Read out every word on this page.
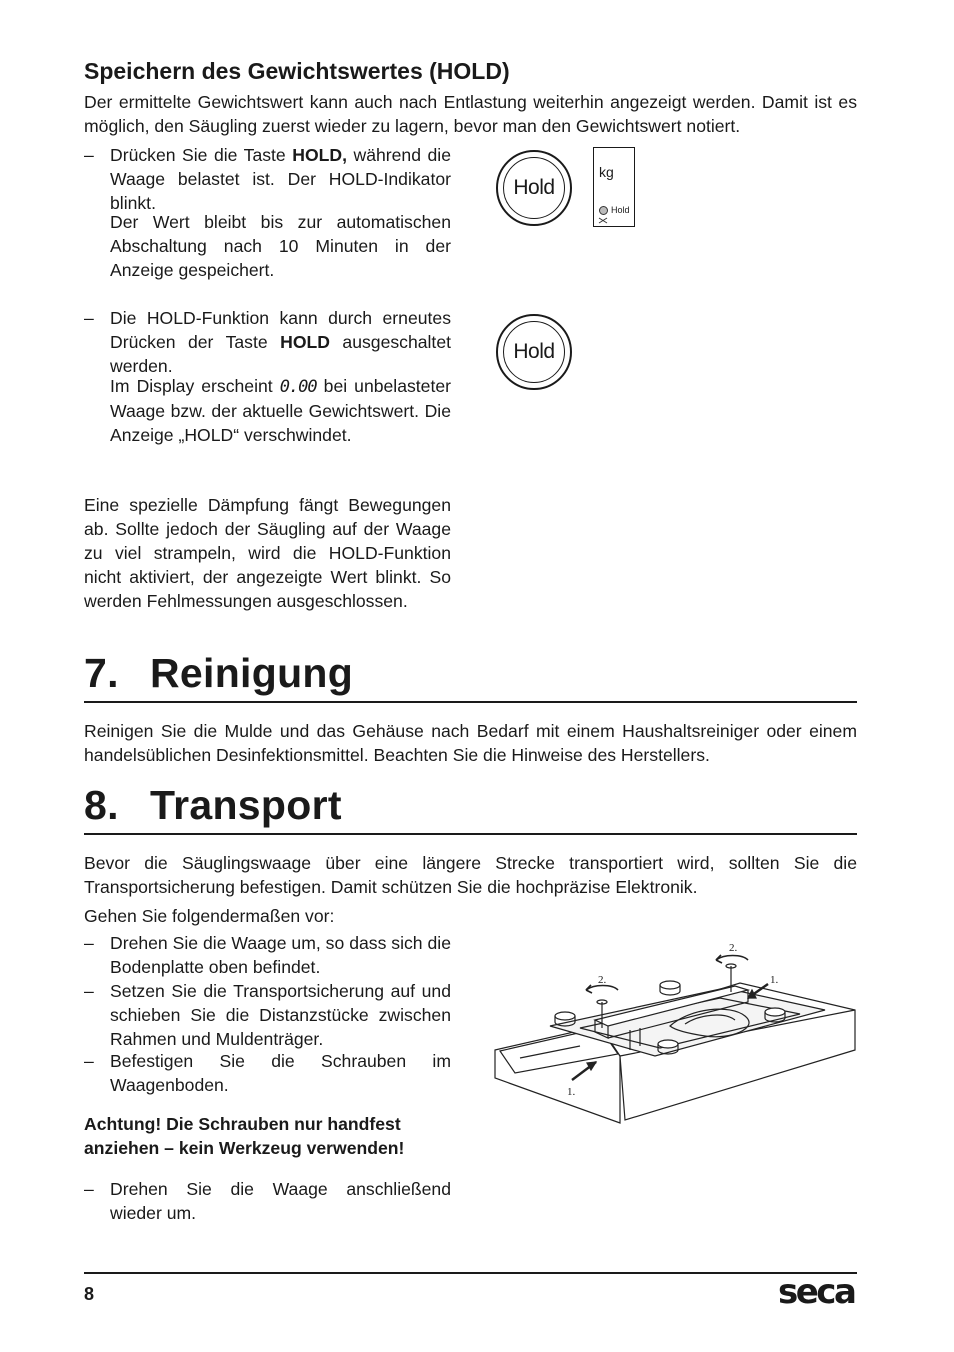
Speichern des Gewichtswertes (HOLD)

Der ermittelte Gewichtswert kann auch nach Entlastung weiterhin angezeigt werden. Damit ist es möglich, den Säugling zuerst wieder zu lagern, bevor man den Gewichtswert notiert.

– Drücken Sie die Taste HOLD, während die Waage belastet ist. Der HOLD-Indikator blinkt.

Der Wert bleibt bis zur automatischen Abschaltung nach 10 Minuten in der Anzeige gespeichert.

– Die HOLD-Funktion kann durch erneutes Drücken der Taste HOLD ausgeschaltet werden.

Im Display erscheint 0.00 bei unbelasteter Waage bzw. der aktuelle Gewichtswert. Die Anzeige „HOLD“ verschwindet.

Eine spezielle Dämpfung fängt Bewegungen ab. Sollte jedoch der Säugling auf der Waage zu viel strampeln, wird die HOLD-Funktion nicht aktiviert, der angezeigte Wert blinkt. So werden Fehlmessungen ausgeschlossen.

Hold
kg
Hold
Hold
7. Reinigung

Reinigen Sie die Mulde und das Gehäuse nach Bedarf mit einem Haushaltsreiniger oder einem handelsüblichen Desinfektionsmittel. Beachten Sie die Hinweise des Herstellers.

8. Transport

Bevor die Säuglingswaage über eine längere Strecke transportiert wird, sollten Sie die Transportsicherung befestigen. Damit schützen Sie die hochpräzise Elektronik.

Gehen Sie folgendermaßen vor:

– Drehen Sie die Waage um, so dass sich die Bodenplatte oben befindet.

– Setzen Sie die Transportsicherung auf und schieben Sie die Distanzstücke zwischen Rahmen und Muldenträger.

– Befestigen Sie die Schrauben im Waagenboden.

Achtung! Die Schrauben nur handfest anziehen – kein Werkzeug verwenden!

– Drehen Sie die Waage anschließend wieder um.

2.
2.	1.
1.
8	seca
